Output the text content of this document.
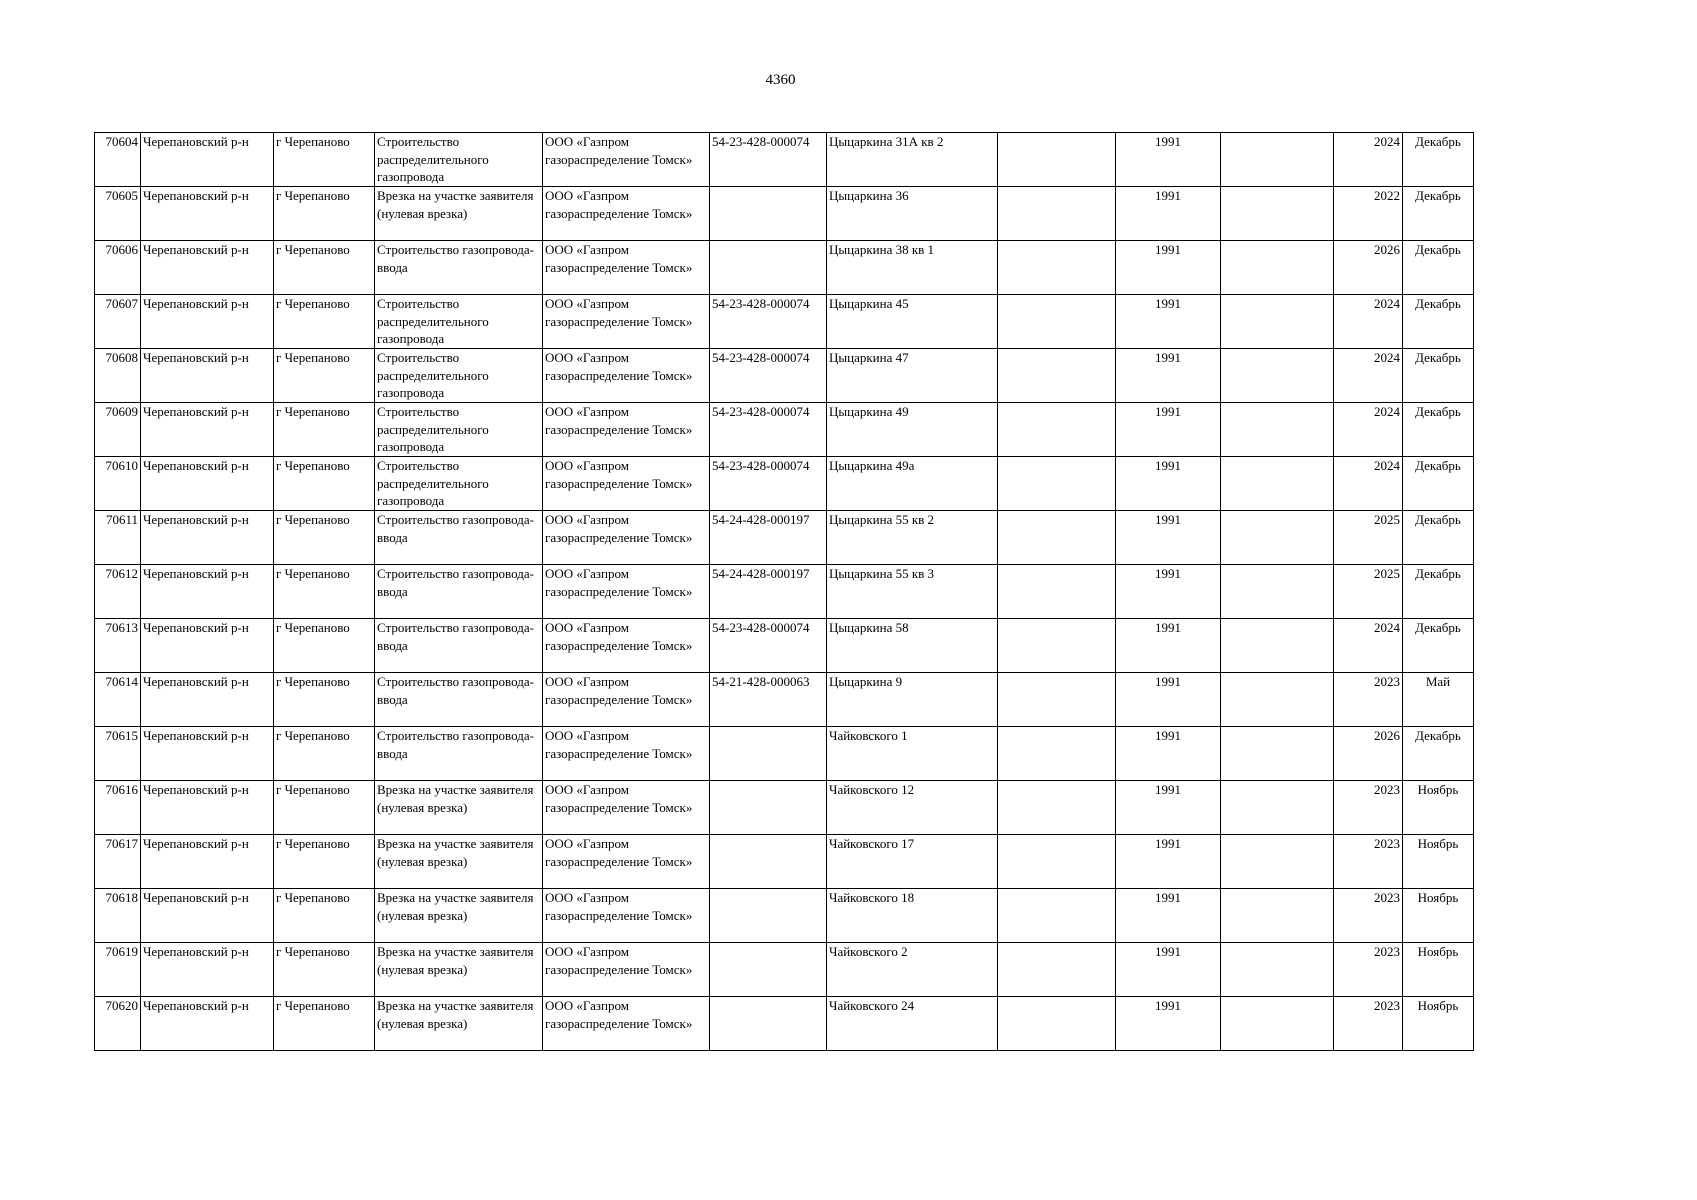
4360
70604	Черепановский р-н	г Черепаново	Строительство распределительного газопровода	ООО «Газпром газораспределение Томск»	54-23-428-000074	Цыцаркина 31А кв 2		1991		2024	Декабрь
70605	Черепановский р-н	г Черепаново	Врезка на участке заявителя (нулевая врезка)	ООО «Газпром газораспределение Томск»		Цыцаркина 36		1991		2022	Декабрь
70606	Черепановский р-н	г Черепаново	Строительство газопровода-ввода	ООО «Газпром газораспределение Томск»		Цыцаркина 38 кв 1		1991		2026	Декабрь
70607	Черепановский р-н	г Черепаново	Строительство распределительного газопровода	ООО «Газпром газораспределение Томск»	54-23-428-000074	Цыцаркина 45		1991		2024	Декабрь
70608	Черепановский р-н	г Черепаново	Строительство распределительного газопровода	ООО «Газпром газораспределение Томск»	54-23-428-000074	Цыцаркина 47		1991		2024	Декабрь
70609	Черепановский р-н	г Черепаново	Строительство распределительного газопровода	ООО «Газпром газораспределение Томск»	54-23-428-000074	Цыцаркина 49		1991		2024	Декабрь
70610	Черепановский р-н	г Черепаново	Строительство распределительного газопровода	ООО «Газпром газораспределение Томск»	54-23-428-000074	Цыцаркина 49а		1991		2024	Декабрь
70611	Черепановский р-н	г Черепаново	Строительство газопровода-ввода	ООО «Газпром газораспределение Томск»	54-24-428-000197	Цыцаркина 55 кв 2		1991		2025	Декабрь
70612	Черепановский р-н	г Черепаново	Строительство газопровода-ввода	ООО «Газпром газораспределение Томск»	54-24-428-000197	Цыцаркина 55 кв 3		1991		2025	Декабрь
70613	Черепановский р-н	г Черепаново	Строительство газопровода-ввода	ООО «Газпром газораспределение Томск»	54-23-428-000074	Цыцаркина 58		1991		2024	Декабрь
70614	Черепановский р-н	г Черепаново	Строительство газопровода-ввода	ООО «Газпром газораспределение Томск»	54-21-428-000063	Цыцаркина 9		1991		2023	Май
70615	Черепановский р-н	г Черепаново	Строительство газопровода-ввода	ООО «Газпром газораспределение Томск»		Чайковского 1		1991		2026	Декабрь
70616	Черепановский р-н	г Черепаново	Врезка на участке заявителя (нулевая врезка)	ООО «Газпром газораспределение Томск»		Чайковского 12		1991		2023	Ноябрь
70617	Черепановский р-н	г Черепаново	Врезка на участке заявителя (нулевая врезка)	ООО «Газпром газораспределение Томск»		Чайковского 17		1991		2023	Ноябрь
70618	Черепановский р-н	г Черепаново	Врезка на участке заявителя (нулевая врезка)	ООО «Газпром газораспределение Томск»		Чайковского 18		1991		2023	Ноябрь
70619	Черепановский р-н	г Черепаново	Врезка на участке заявителя (нулевая врезка)	ООО «Газпром газораспределение Томск»		Чайковского 2		1991		2023	Ноябрь
70620	Черепановский р-н	г Черепаново	Врезка на участке заявителя (нулевая врезка)	ООО «Газпром газораспределение Томск»		Чайковского 24		1991		2023	Ноябрь
